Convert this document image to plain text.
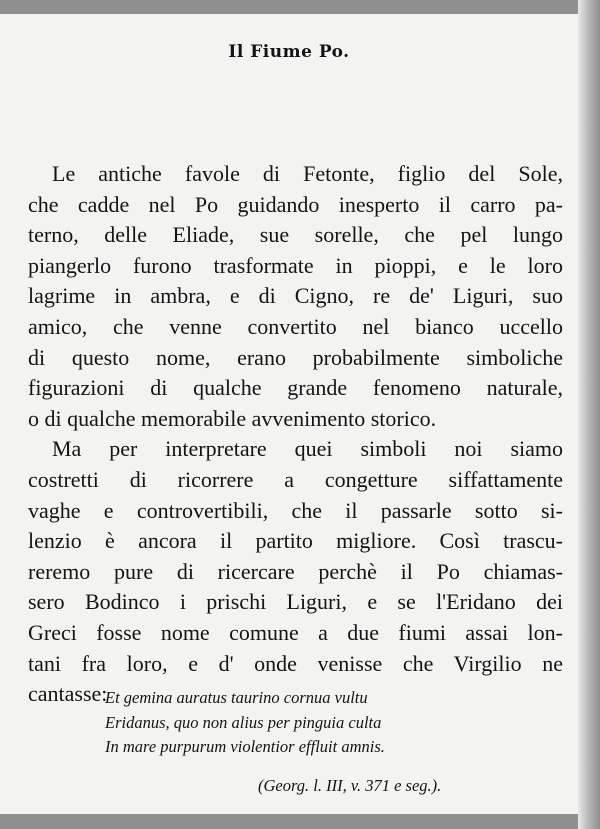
Il Fiume Po.
Le antiche favole di Fetonte, figlio del Sole,
che cadde nel Po guidando inesperto il carro pa-
terno, delle Eliade, sue sorelle, che pel lungo
piangerlo furono trasformate in pioppi, e le loro
lagrime in ambra, e di Cigno, re de' Liguri, suo
amico, che venne convertito nel bianco uccello
di questo nome, erano probabilmente simboliche
figurazioni di qualche grande fenomeno naturale,
o di qualche memorabile avvenimento storico.
Ma per interpretare quei simboli noi siamo
costretti di ricorrere a congetture siffattamente
vaghe e controvertibili, che il passarle sotto si-
lenzio è ancora il partito migliore. Così trascu-
reremo pure di ricercare perchè il Po chiamas-
sero Bodinco i prischi Liguri, e se l'Eridano dei
Greci fosse nome comune a due fiumi assai lon-
tani fra loro, e d' onde venisse che Virgilio ne
cantasse:
Et gemina auratus taurino cornua vultu
Eridanus, quo non alius per pinguia culta
In mare purpurum violentior effluit amnis.
(Georg. l. III, v. 371 e seg.).
